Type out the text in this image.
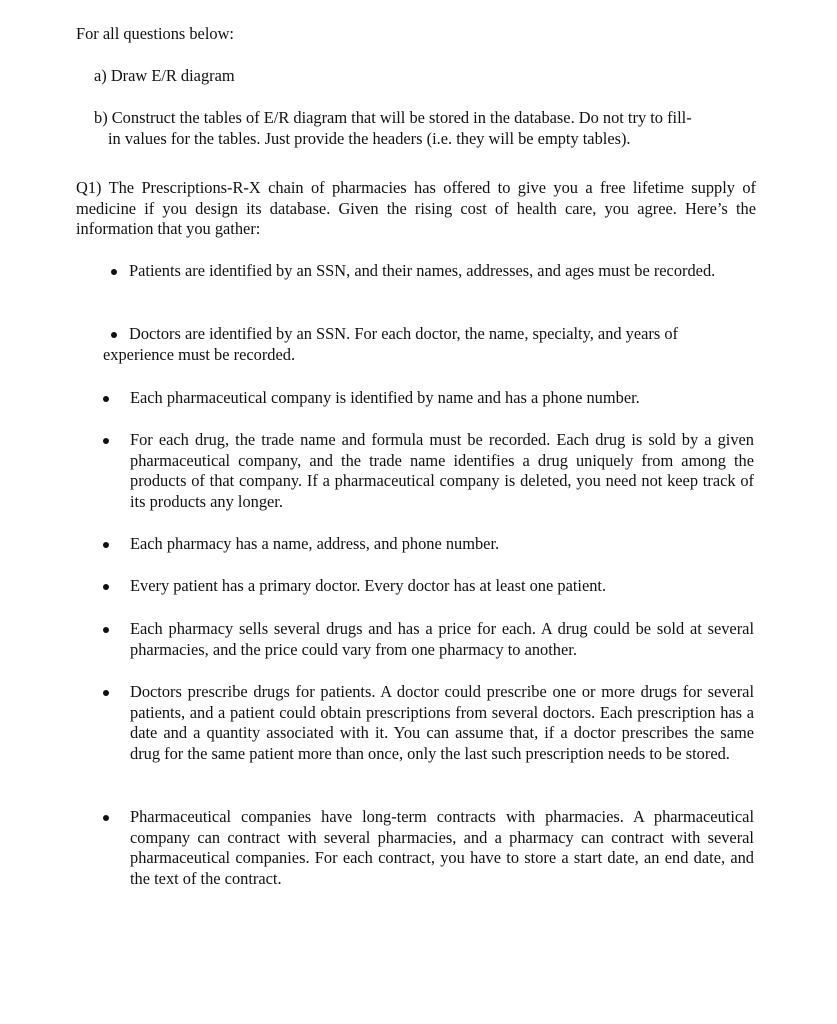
For all questions below:
a) Draw E/R diagram
b) Construct the tables of E/R diagram that will be stored in the database. Do not try to fill-
in values for the tables. Just provide the headers (i.e. they will be empty tables).
Q1) The Prescriptions-R-X chain of pharmacies has offered to give you a free lifetime supply of medicine if you design its database. Given the rising cost of health care, you agree. Here’s the information that you gather:
Patients are identified by an SSN, and their names, addresses, and ages must be recorded.
Doctors are identified by an SSN. For each doctor, the name, specialty, and years of experience must be recorded.
Each pharmaceutical company is identified by name and has a phone number.
For each drug, the trade name and formula must be recorded. Each drug is sold by a given pharmaceutical company, and the trade name identifies a drug uniquely from among the products of that company. If a pharmaceutical company is deleted, you need not keep track of its products any longer.
Each pharmacy has a name, address, and phone number.
Every patient has a primary doctor. Every doctor has at least one patient.
Each pharmacy sells several drugs and has a price for each. A drug could be sold at several pharmacies, and the price could vary from one pharmacy to another.
Doctors prescribe drugs for patients. A doctor could prescribe one or more drugs for several patients, and a patient could obtain prescriptions from several doctors. Each prescription has a date and a quantity associated with it. You can assume that, if a doctor prescribes the same drug for the same patient more than once, only the last such prescription needs to be stored.
Pharmaceutical companies have long-term contracts with pharmacies. A pharmaceutical company can contract with several pharmacies, and a pharmacy can contract with several pharmaceutical companies. For each contract, you have to store a start date, an end date, and the text of the contract.
